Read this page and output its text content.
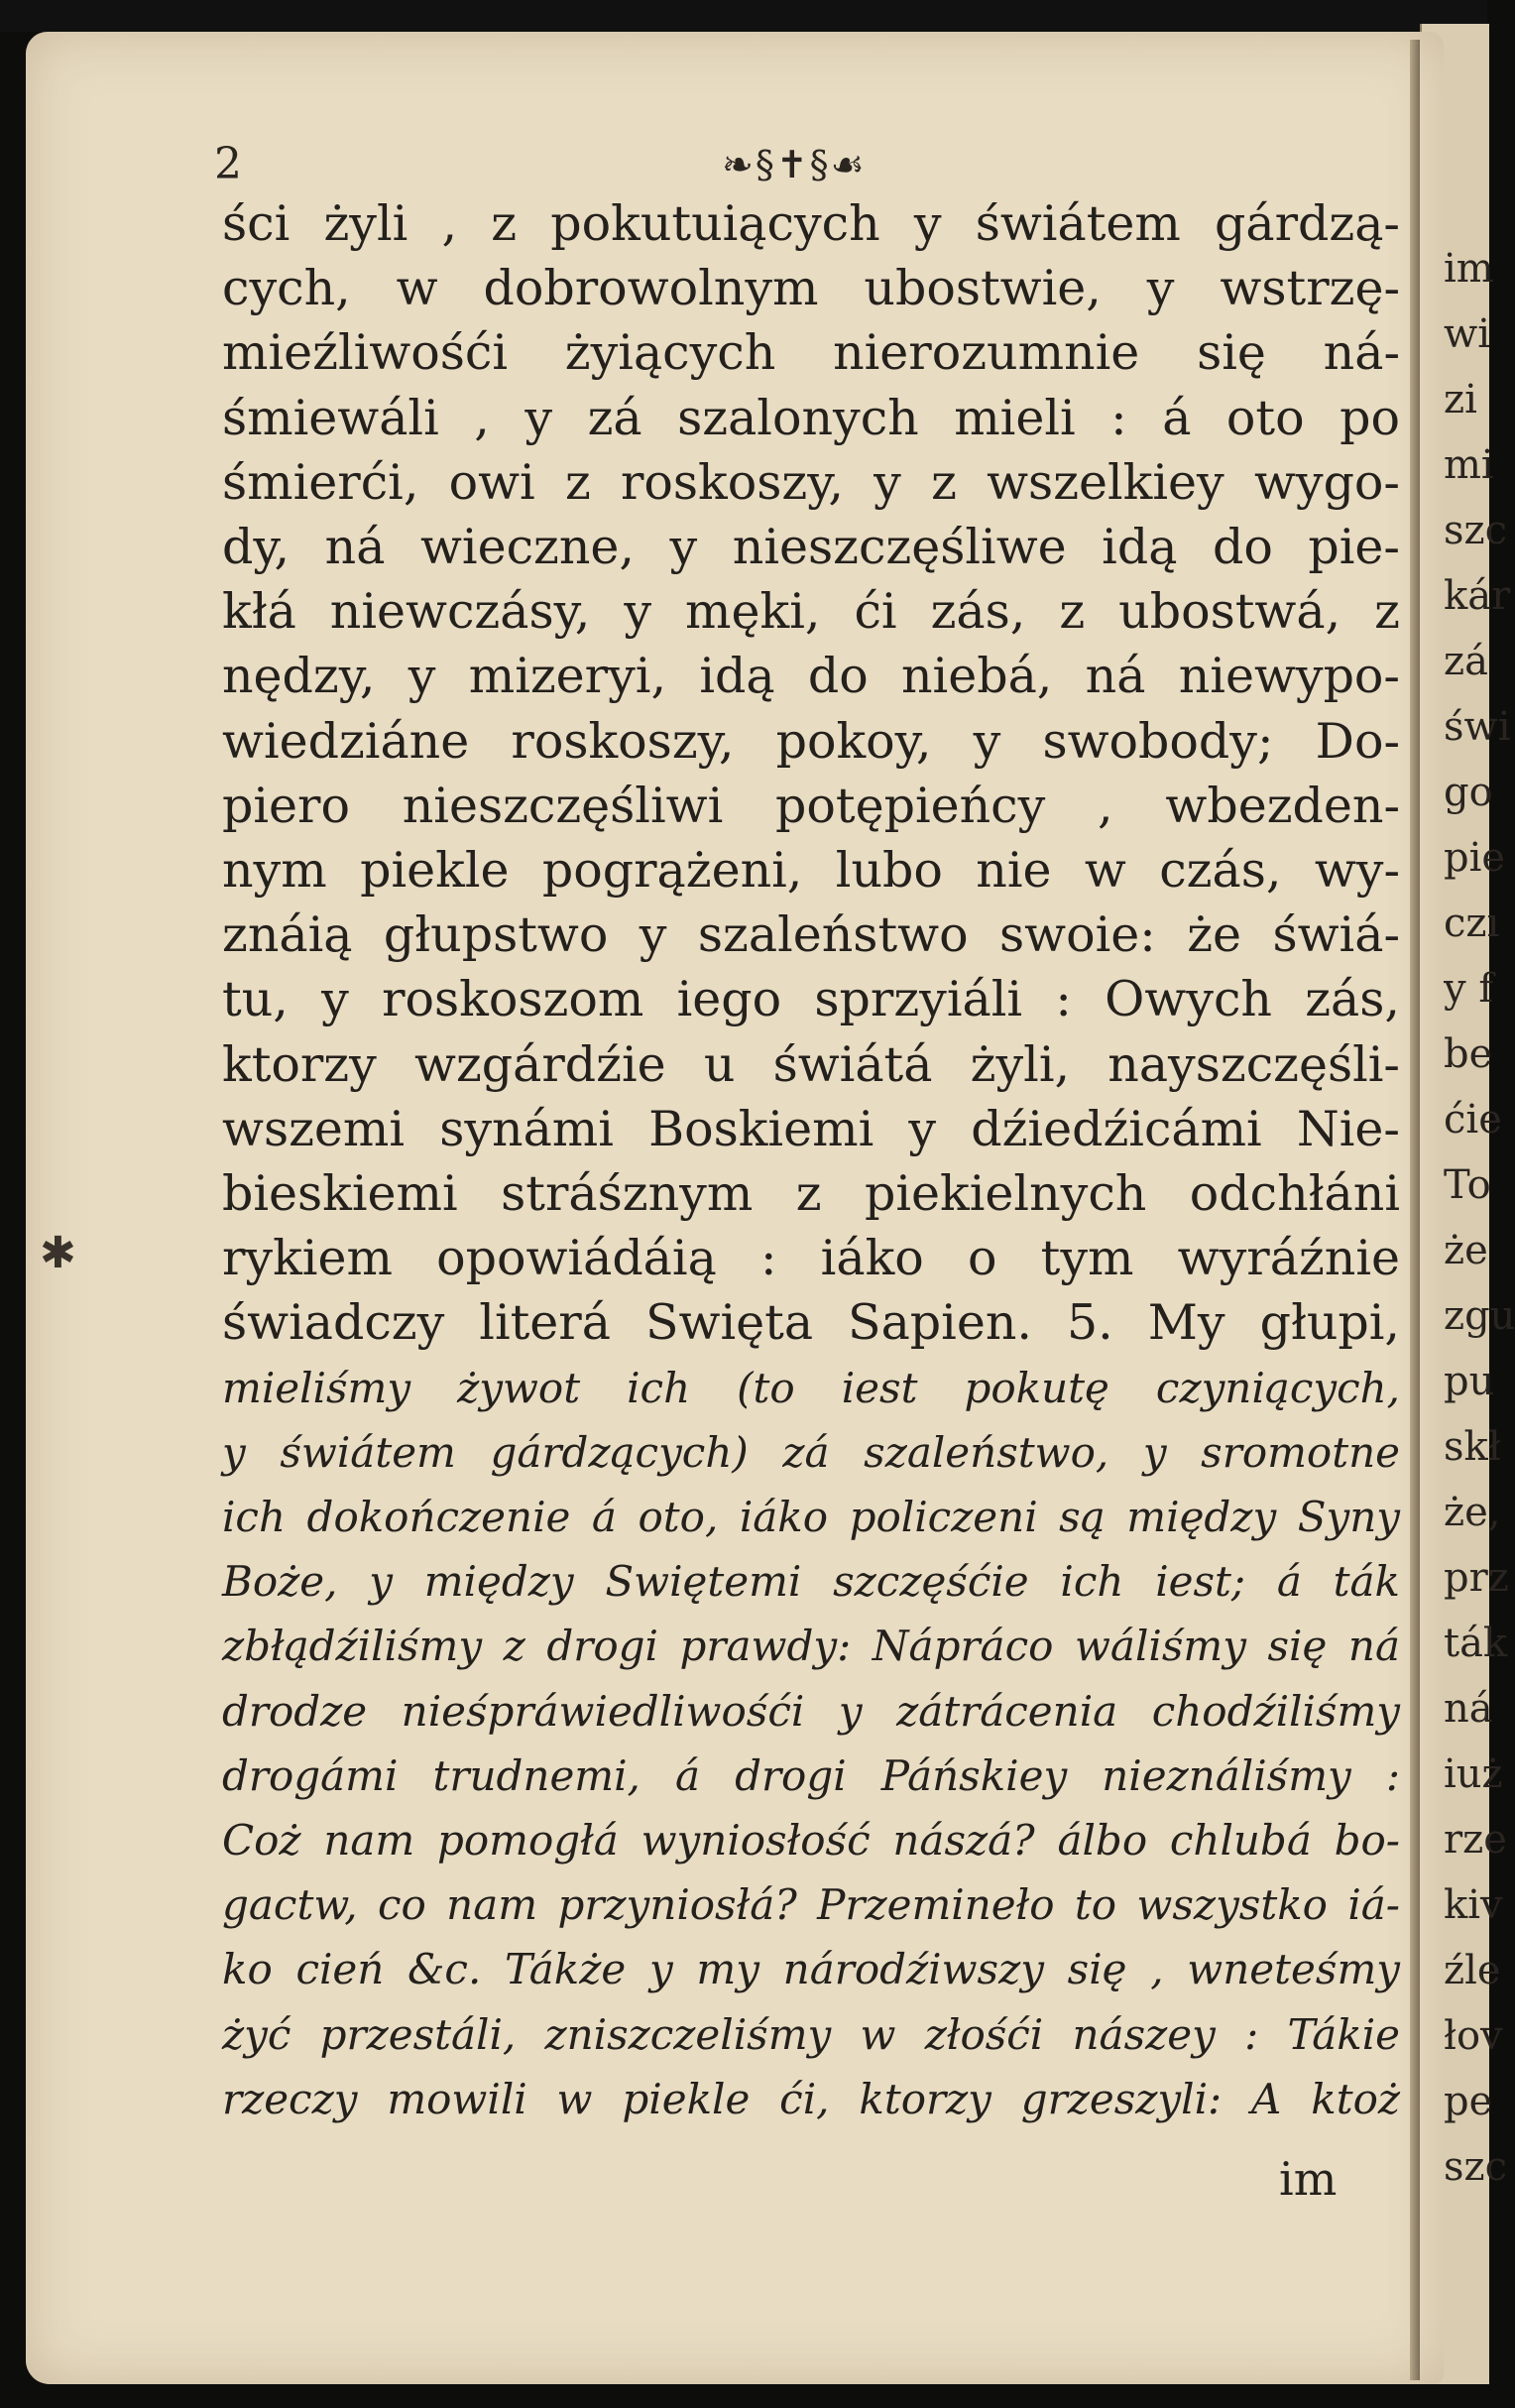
im
wi
zi
mi
szc
kár
zá
świ
go
pie
czı
y f
be
ćie
To
że
zgu
pu
skł
że,
prz
ták
ná
iuż
rze
kiv
źle
łov
pe
szc
2	❧§✝§☙
✱
ści żyli , z pokutuiących y świátem gárdzą-
cych, w dobrowolnym ubostwie, y wstrzę-
mieźliwośći żyiących nierozumnie się ná-
śmiewáli , y zá szalonych mieli : á oto po
śmierći, owi z roskoszy, y z wszelkiey wygo-
dy, ná wieczne, y nieszczęśliwe idą do pie-
kłá niewczásy, y męki, ći zás, z ubostwá, z
nędzy, y mizeryi, idą do niebá, ná niewypo-
wiedziáne roskoszy, pokoy, y swobody; Do-
piero nieszczęśliwi potępieńcy , wbezden-
nym piekle pogrążeni, lubo nie w czás, wy-
znáią głupstwo y szaleństwo swoie: że świá-
tu, y roskoszom iego sprzyiáli : Owych zás,
ktorzy wzgárdźie u świátá żyli, nayszczęśli-
wszemi synámi Boskiemi y dźiedźicámi Nie-
bieskiemi stráśznym z piekielnych odchłáni
rykiem opowiádáią : iáko o tym wyráźnie
świadczy literá Swięta Sapien. 5. My głupi,
mieliśmy żywot ich (to iest pokutę czyniących,
y świátem gárdzących) zá szaleństwo, y sromotne
ich dokończenie á oto, iáko policzeni są między Syny
Boże, y między Swiętemi szczęśćie ich iest; á ták
zbłądźiliśmy z drogi prawdy: Nápráco wáliśmy się ná
drodze nieśpráwiedliwośći y zátrácenia chodźiliśmy
drogámi trudnemi, á drogi Páńskiey nieználiśmy :
Coż nam pomogłá wyniosłość nászá? álbo chlubá bo-
gactw, co nam przyniosłá? Przemineło to wszystko iá-
ko cień &c. Tákże y my národźiwszy się , wneteśmy
żyć przestáli, zniszczeliśmy w złośći nászey : Tákie
rzeczy mowili w piekle ći, ktorzy grzeszyli: A ktoż
im
